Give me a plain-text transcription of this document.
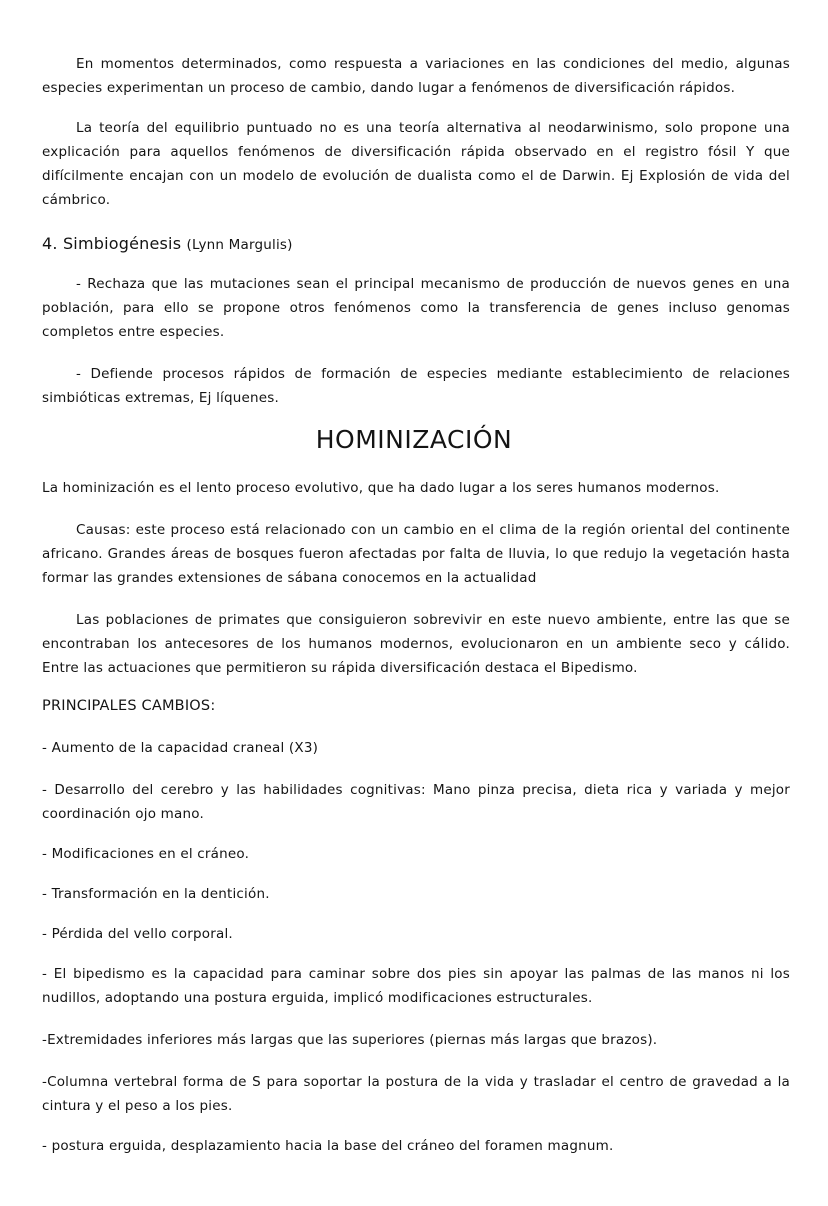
En momentos determinados, como respuesta a variaciones en las condiciones del medio, algunas especies experimentan un proceso de cambio, dando lugar a fenómenos de diversificación rápidos.

La teoría del equilibrio puntuado no es una teoría alternativa al neodarwinismo, solo propone una explicación para aquellos fenómenos de diversificación rápida observado en el registro fósil Y que difícilmente encajan con un modelo de evolución de dualista como el de Darwin. Ej Explosión de vida del cámbrico.

4. Simbiogénesis (Lynn Margulis)

- Rechaza que las mutaciones sean el principal mecanismo de producción de nuevos genes en una población, para ello se propone otros fenómenos como la transferencia de genes incluso genomas completos entre especies.

- Defiende procesos rápidos de formación de especies mediante establecimiento de relaciones simbióticas extremas, Ej líquenes.

HOMINIZACIÓN

La hominización es el lento proceso evolutivo, que ha dado lugar a los seres humanos modernos.

Causas: este proceso está relacionado con un cambio en el clima de la región oriental del continente africano. Grandes áreas de bosques fueron afectadas por falta de lluvia, lo que redujo la vegetación hasta formar las grandes extensiones de sábana conocemos en la actualidad

Las poblaciones de primates que consiguieron sobrevivir en este nuevo ambiente, entre las que se encontraban los antecesores de los humanos modernos, evolucionaron en un ambiente seco y cálido. Entre las actuaciones que permitieron su rápida diversificación destaca el Bipedismo.

PRINCIPALES CAMBIOS:

- Aumento de la capacidad craneal (X3)

- Desarrollo del cerebro y las habilidades cognitivas: Mano pinza precisa, dieta rica y variada y mejor coordinación ojo mano.

- Modificaciones en el cráneo.

- Transformación en la dentición.

- Pérdida del vello corporal.

- El bipedismo es la capacidad para caminar sobre dos pies sin apoyar las palmas de las manos ni los nudillos, adoptando una postura erguida, implicó modificaciones estructurales.

-Extremidades inferiores más largas que las superiores (piernas más largas que brazos).

-Columna vertebral forma de S para soportar la postura de la vida y trasladar el centro de gravedad a la cintura y el peso a los pies.

- postura erguida, desplazamiento hacia la base del cráneo del foramen magnum.
